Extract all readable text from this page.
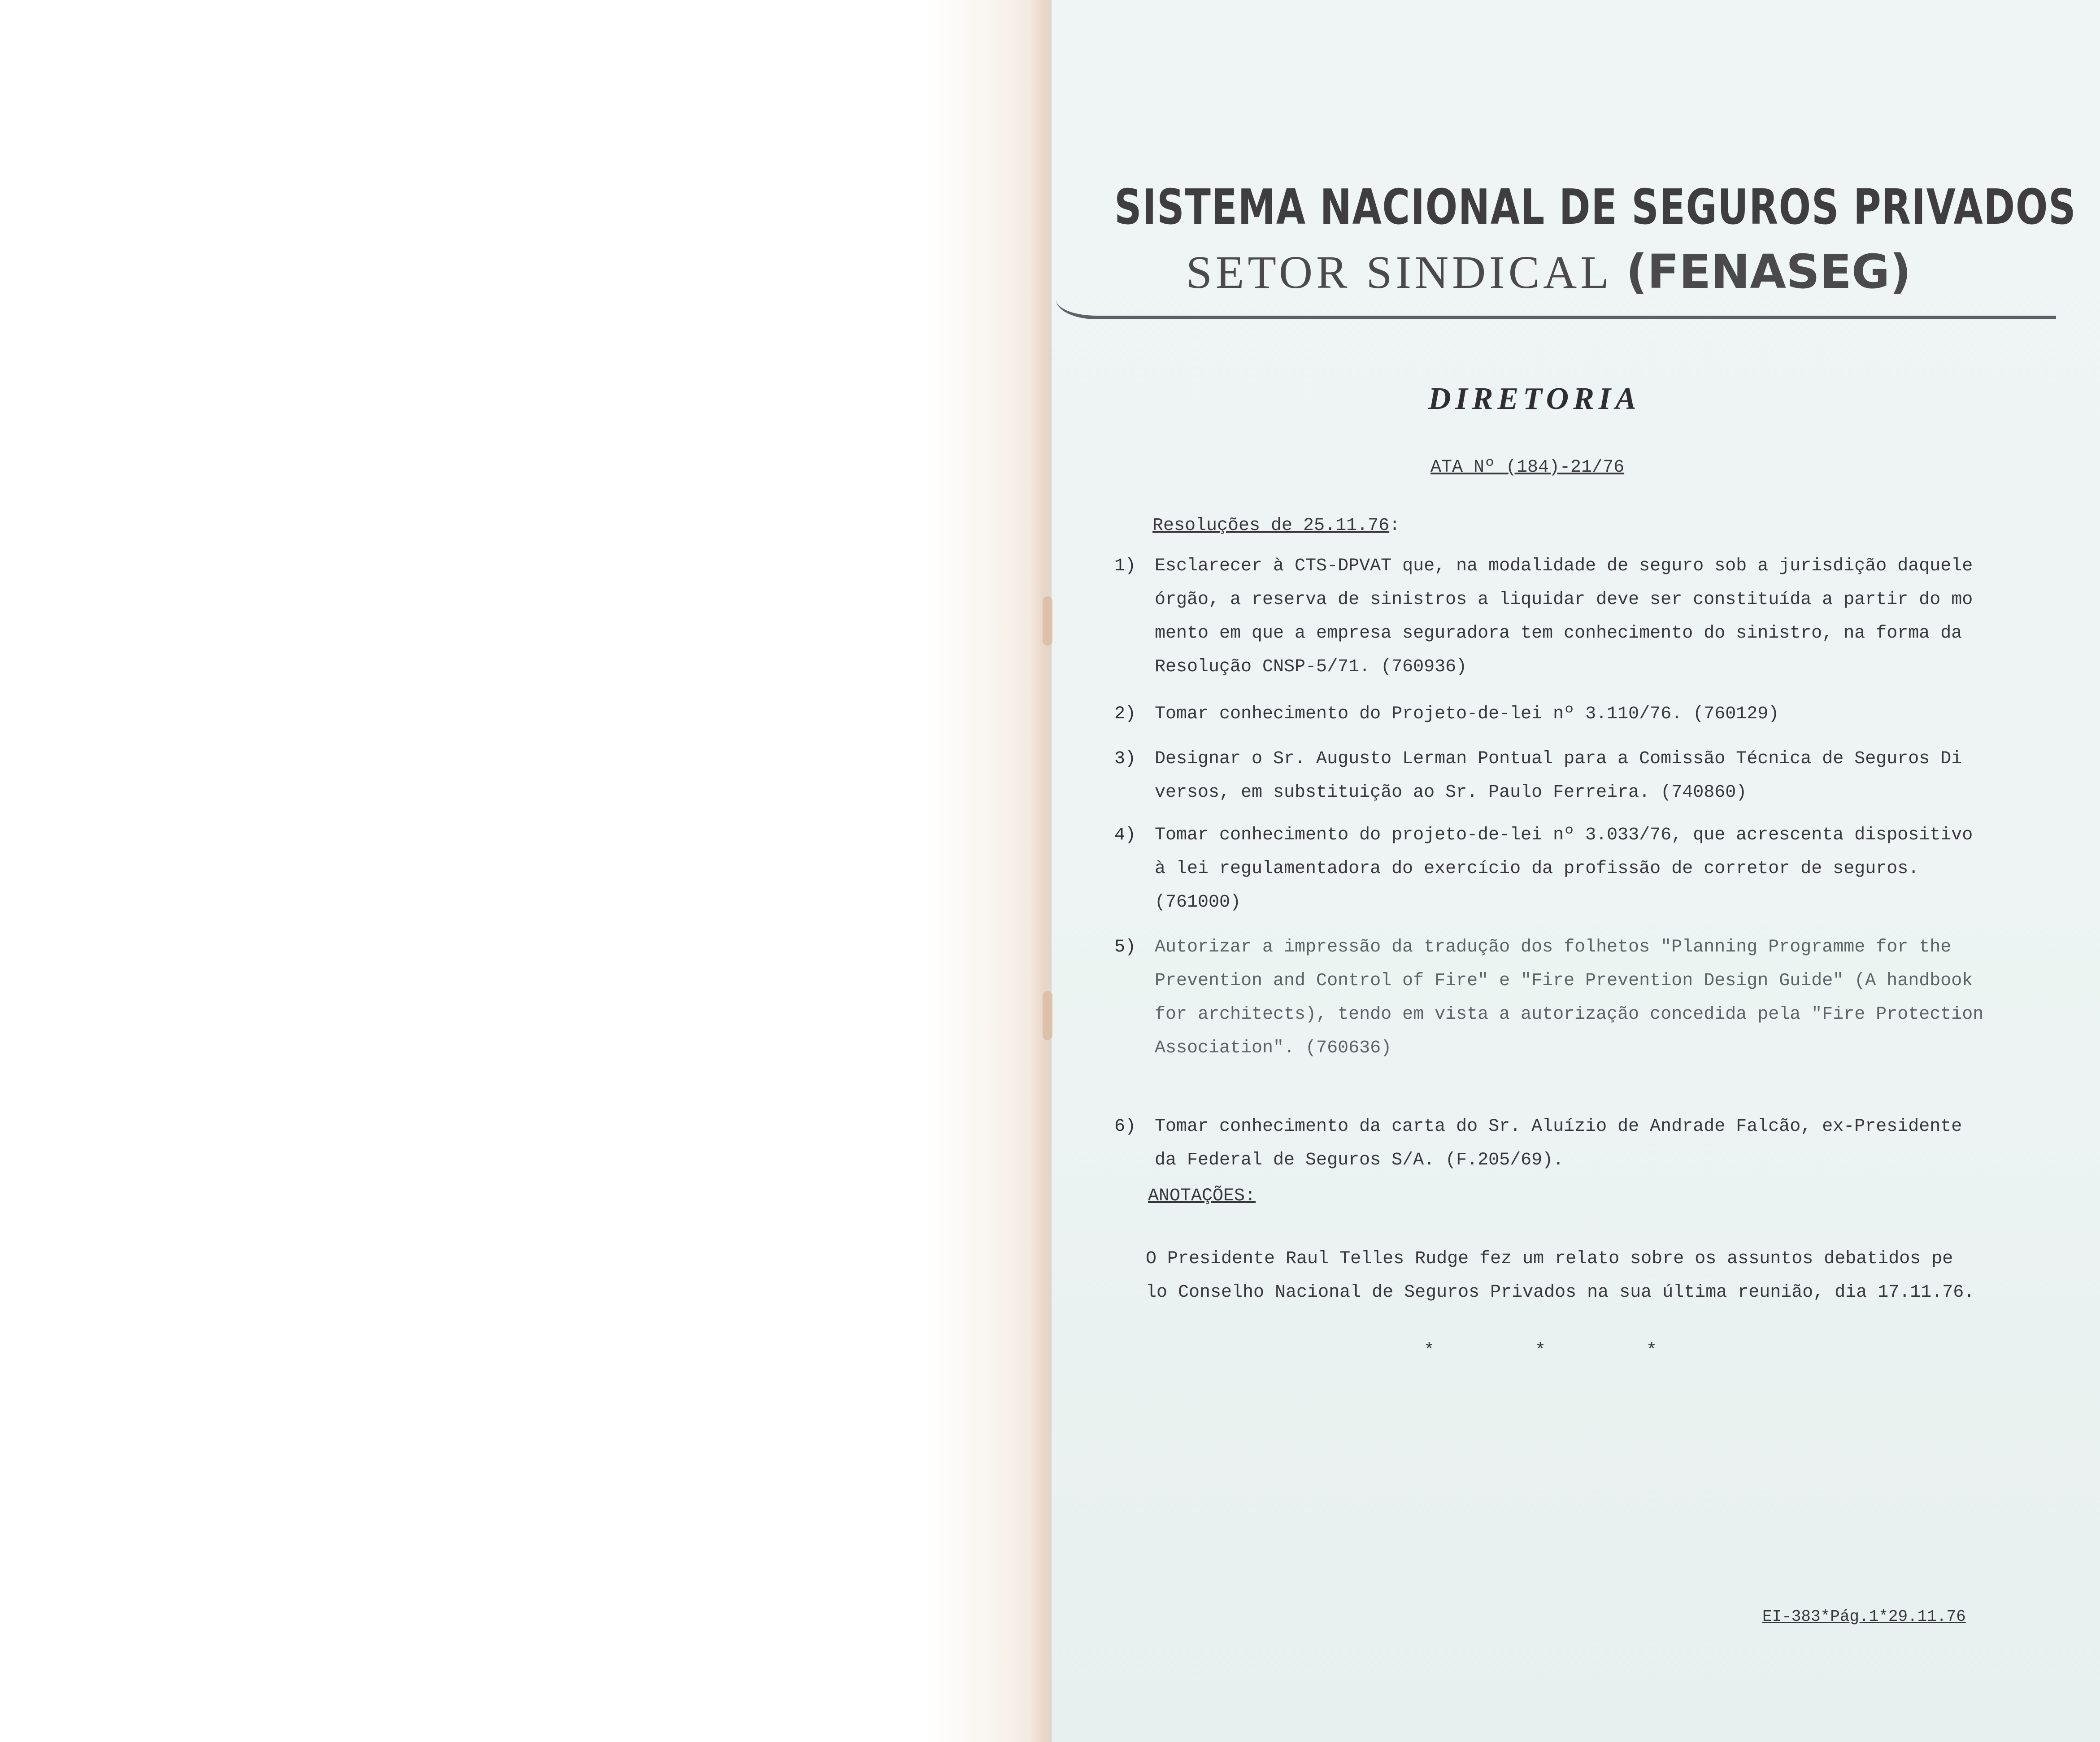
SISTEMA NACIONAL DE SEGUROS PRIVADOS
SETOR SINDICAL (FENASEG)
DIRETORIA
ATA Nº (184)-21/76
Resoluções de 25.11.76:
1) Esclarecer à CTS-DPVAT que, na modalidade de seguro sob a jurisdição daquele
órgão, a reserva de sinistros a liquidar deve ser constituída a partir do mo
mento em que a empresa seguradora tem conhecimento do sinistro, na forma da
Resolução CNSP-5/71. (760936)
2) Tomar conhecimento do Projeto-de-lei nº 3.110/76. (760129)
3) Designar o Sr. Augusto Lerman Pontual para a Comissão Técnica de Seguros Di
versos, em substituição ao Sr. Paulo Ferreira. (740860)
4) Tomar conhecimento do projeto-de-lei nº 3.033/76, que acrescenta dispositivo
à lei regulamentadora do exercício da profissão de corretor de seguros.
(761000)
5) Autorizar a impressão da tradução dos folhetos "Planning Programme for the
Prevention and Control of Fire" e "Fire Prevention Design Guide" (A handbook
for architects), tendo em vista a autorização concedida pela "Fire Protection
Association". (760636)
6) Tomar conhecimento da carta do Sr. Aluízio de Andrade Falcão, ex-Presidente
da Federal de Seguros S/A. (F.205/69).
ANOTAÇÕES:
O Presidente Raul Telles Rudge fez um relato sobre os assuntos debatidos pe
lo Conselho Nacional de Seguros Privados na sua última reunião, dia 17.11.76.
* * *
EI-383*Pág.1*29.11.76
